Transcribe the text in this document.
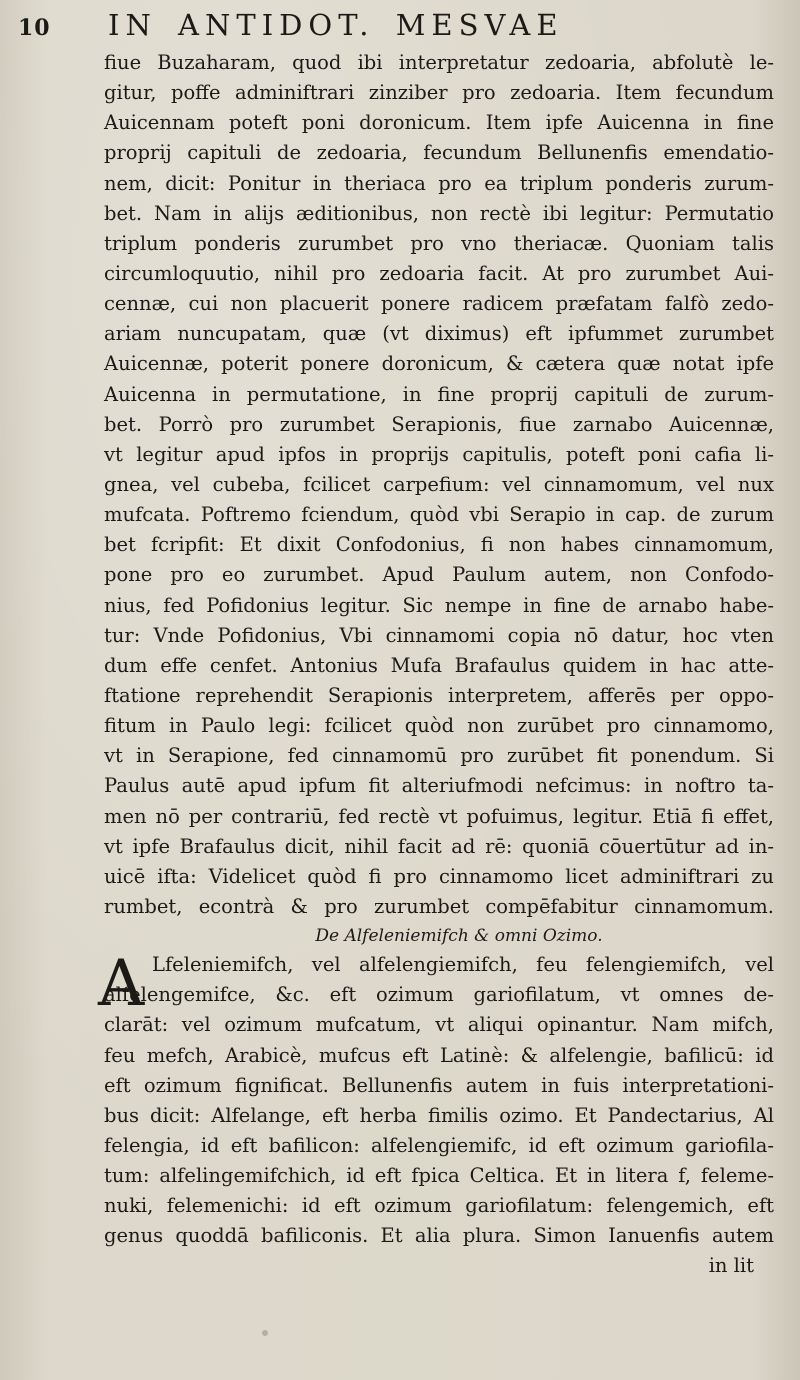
10	IN ANTIDOT. MESVAE
fiue Buzaharam, quod ibi interpretatur zedoaria, abfolutè le-
gitur, poffe adminiftrari zinziber pro zedoaria. Item fecundum
Auicennam poteft poni doronicum. Item ipfe Auicenna in fine
proprij capituli de zedoaria, fecundum Bellunenfis emendatio-
nem, dicit: Ponitur in theriaca pro ea triplum ponderis zurum-
bet. Nam in alijs æditionibus, non rectè ibi legitur: Permutatio
triplum ponderis zurumbet pro vno theriacæ. Quoniam talis
circumloquutio, nihil pro zedoaria facit. At pro zurumbet Aui-
cennæ, cui non placuerit ponere radicem præfatam falfò zedo-
ariam nuncupatam, quæ (vt diximus) eft ipfummet zurumbet
Auicennæ, poterit ponere doronicum, & cætera quæ notat ipfe
Auicenna in permutatione, in fine proprij capituli de zurum-
bet. Porrò pro zurumbet Serapionis, fiue zarnabo Auicennæ,
vt legitur apud ipfos in proprijs capitulis, poteft poni cafia li-
gnea, vel cubeba, fcilicet carpefium: vel cinnamomum, vel nux
mufcata. Poftremo fciendum, quòd vbi Serapio in cap. de zurum
bet fcripfit: Et dixit Confodonius, fi non habes cinnamomum,
pone pro eo zurumbet. Apud Paulum autem, non Confodo-
nius, fed Pofidonius legitur. Sic nempe in fine de arnabo habe-
tur: Vnde Pofidonius, Vbi cinnamomi copia nō datur, hoc vten
dum effe cenfet. Antonius Mufa Brafaulus quidem in hac atte-
ftatione reprehendit Serapionis interpretem, afferēs per oppo-
fitum in Paulo legi: fcilicet quòd non zurūbet pro cinnamomo,
vt in Serapione, fed cinnamomū pro zurūbet fit ponendum. Si
Paulus autē apud ipfum fit alteriufmodi nefcimus: in noftro ta-
men nō per contrariū, fed rectè vt pofuimus, legitur. Etiā fi effet,
vt ipfe Brafaulus dicit, nihil facit ad rē: quoniā cōuertūtur ad in-
uicē ifta: Videlicet quòd fi pro cinnamomo licet adminiftrari zu
rumbet, econtrà & pro zurumbet compēfabitur cinnamomum.
De Alfeleniemifch & omni Ozimo.
A Lfeleniemifch, vel alfelengiemifch, feu felengiemifch, vel
alfelengemifce, &c. eft ozimum gariofilatum, vt omnes de-
clarāt: vel ozimum mufcatum, vt aliqui opinantur. Nam mifch,
feu mefch, Arabicè, mufcus eft Latinè: & alfelengie, bafilicū: id
eft ozimum fignificat. Bellunenfis autem in fuis interpretationi-
bus dicit: Alfelange, eft herba fimilis ozimo. Et Pandectarius, Al
felengia, id eft bafilicon: alfelengiemifc, id eft ozimum gariofila-
tum: alfelingemifchich, id eft fpica Celtica. Et in litera f, feleme-
nuki, felemenichi: id eft ozimum gariofilatum: felengemich, eft
genus quoddā bafiliconis. Et alia plura. Simon Ianuenfis autem
in lit
